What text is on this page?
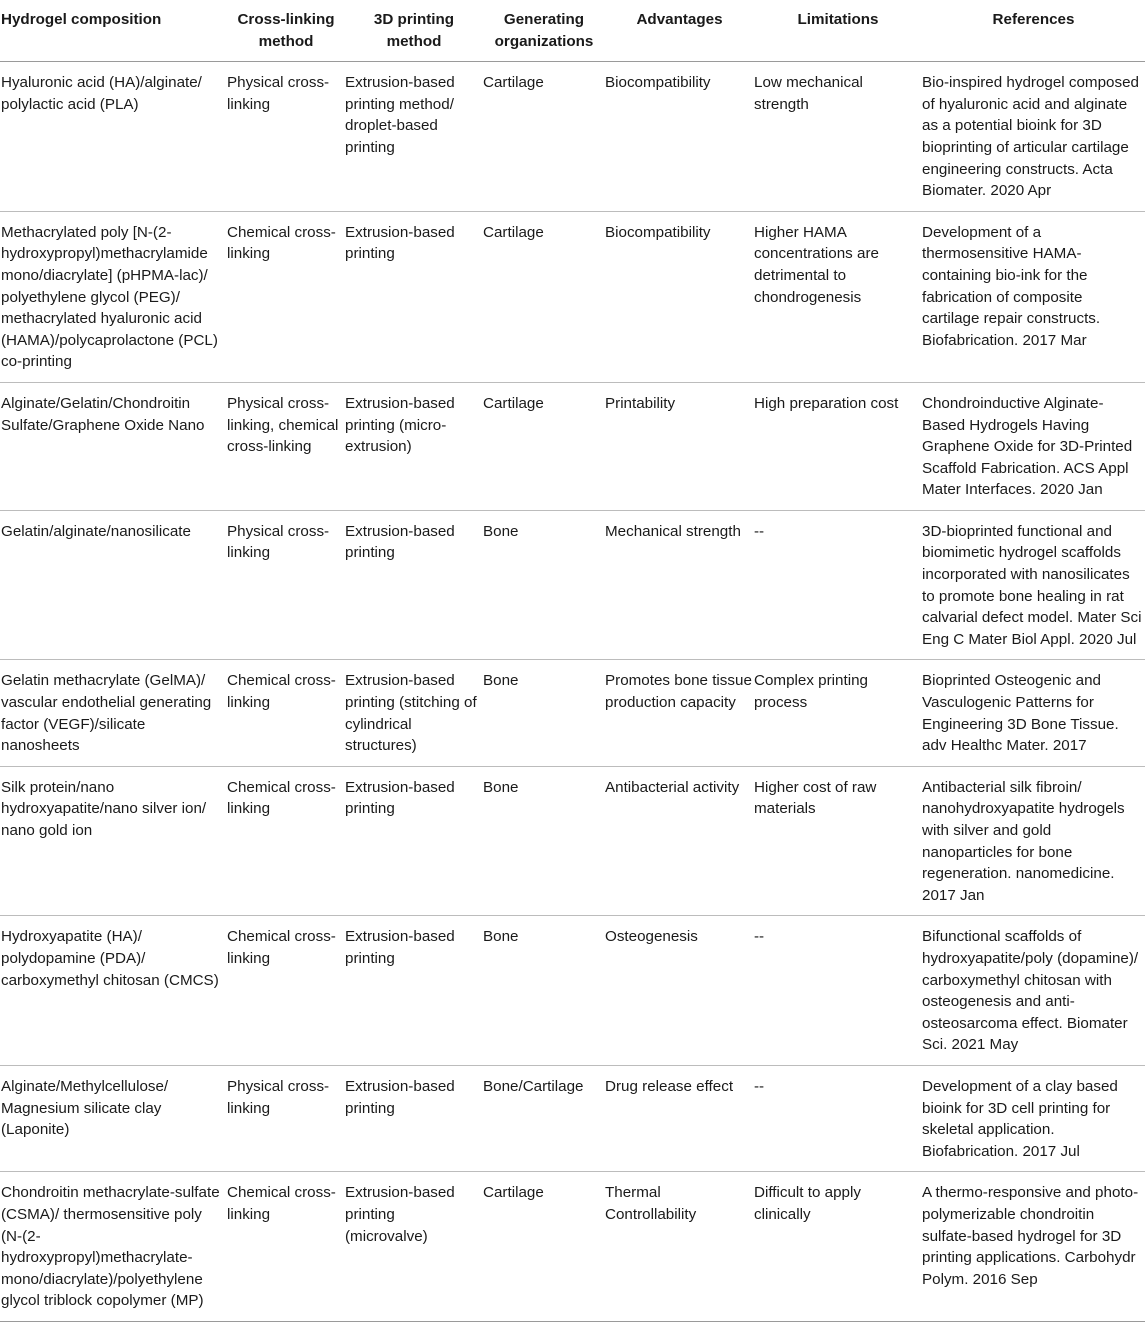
Hydrogel composition	Cross-linking method	3D printing method	Generating organizations	Advantages	Limitations	References
Hyaluronic acid (HA)/alginate/ polylactic acid (PLA)	Physical cross-linking	Extrusion-based printing method/ droplet-based printing	Cartilage	Biocompatibility	Low mechanical strength	Bio-inspired hydrogel composed of hyaluronic acid and alginate as a potential bioink for 3D bioprinting of articular cartilage engineering constructs. Acta Biomater. 2020 Apr
Methacrylated poly [N-(2-hydroxypropyl)methacrylamide mono/diacrylate] (pHPMA-lac)/ polyethylene glycol (PEG)/ methacrylated hyaluronic acid (HAMA)/polycaprolactone (PCL) co-printing	Chemical cross-linking	Extrusion-based printing	Cartilage	Biocompatibility	Higher HAMA concentrations are detrimental to chondrogenesis	Development of a thermosensitive HAMA-containing bio-ink for the fabrication of composite cartilage repair constructs. Biofabrication. 2017 Mar
Alginate/Gelatin/Chondroitin Sulfate/Graphene Oxide Nano	Physical cross-linking, chemical cross-linking	Extrusion-based printing (micro-extrusion)	Cartilage	Printability	High preparation cost	Chondroinductive Alginate-Based Hydrogels Having Graphene Oxide for 3D-Printed Scaffold Fabrication. ACS Appl Mater Interfaces. 2020 Jan
Gelatin/alginate/nanosilicate	Physical cross-linking	Extrusion-based printing	Bone	Mechanical strength	--	3D-bioprinted functional and biomimetic hydrogel scaffolds incorporated with nanosilicates to promote bone healing in rat calvarial defect model. Mater Sci Eng C Mater Biol Appl. 2020 Jul
Gelatin methacrylate (GelMA)/ vascular endothelial generating factor (VEGF)/silicate nanosheets	Chemical cross-linking	Extrusion-based printing (stitching of cylindrical structures)	Bone	Promotes bone tissue production capacity	Complex printing process	Bioprinted Osteogenic and Vasculogenic Patterns for Engineering 3D Bone Tissue. adv Healthc Mater. 2017
Silk protein/nano hydroxyapatite/nano silver ion/ nano gold ion	Chemical cross-linking	Extrusion-based printing	Bone	Antibacterial activity	Higher cost of raw materials	Antibacterial silk fibroin/ nanohydroxyapatite hydrogels with silver and gold nanoparticles for bone regeneration. nanomedicine. 2017 Jan
Hydroxyapatite (HA)/ polydopamine (PDA)/ carboxymethyl chitosan (CMCS)	Chemical cross-linking	Extrusion-based printing	Bone	Osteogenesis	--	Bifunctional scaffolds of hydroxyapatite/poly (dopamine)/ carboxymethyl chitosan with osteogenesis and anti-osteosarcoma effect. Biomater Sci. 2021 May
Alginate/Methylcellulose/ Magnesium silicate clay (Laponite)	Physical cross-linking	Extrusion-based printing	Bone/Cartilage	Drug release effect	--	Development of a clay based bioink for 3D cell printing for skeletal application. Biofabrication. 2017 Jul
Chondroitin methacrylate-sulfate (CSMA)/ thermosensitive poly (N-(2-hydroxypropyl)methacrylate-mono/diacrylate)/polyethylene glycol triblock copolymer (MP)	Chemical cross-linking	Extrusion-based printing (microvalve)	Cartilage	Thermal Controllability	Difficult to apply clinically	A thermo-responsive and photo-polymerizable chondroitin sulfate-based hydrogel for 3D printing applications. Carbohydr Polym. 2016 Sep
